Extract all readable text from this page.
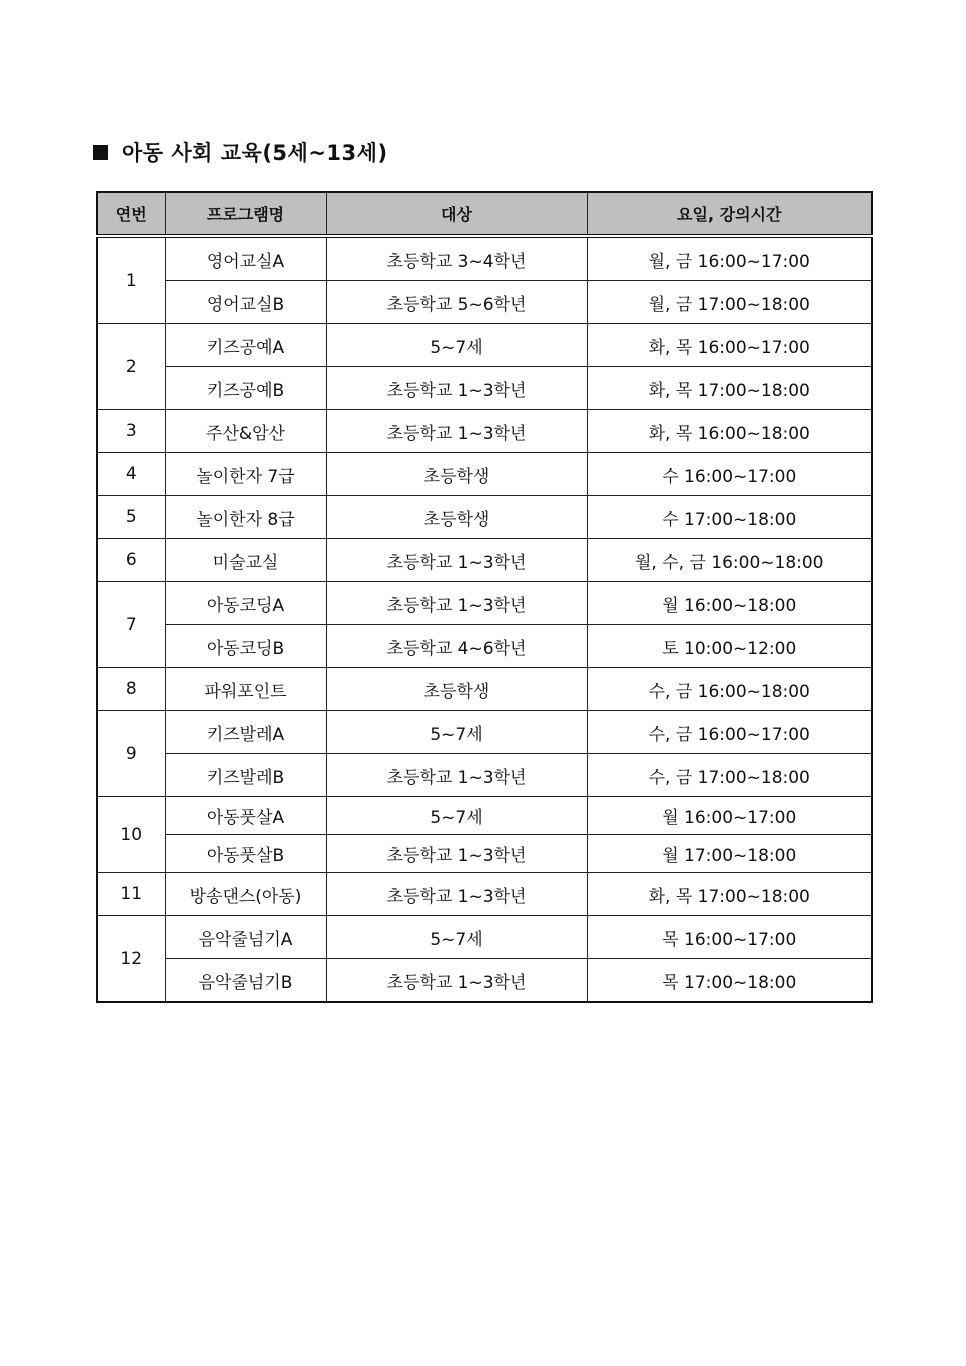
아동 사회 교육(5세~13세)
연번	프로그램명	대상	요일, 강의시간
1	영어교실A	초등학교 3~4학년	월, 금 16:00~17:00
	영어교실B	초등학교 5~6학년	월, 금 17:00~18:00
2	키즈공예A	5~7세	화, 목 16:00~17:00
	키즈공예B	초등학교 1~3학년	화, 목 17:00~18:00
3	주산&암산	초등학교 1~3학년	화, 목 16:00~18:00
4	놀이한자 7급	초등학생	수 16:00~17:00
5	놀이한자 8급	초등학생	수 17:00~18:00
6	미술교실	초등학교 1~3학년	월, 수, 금 16:00~18:00
7	아동코딩A	초등학교 1~3학년	월 16:00~18:00
	아동코딩B	초등학교 4~6학년	토 10:00~12:00
8	파워포인트	초등학생	수, 금 16:00~18:00
9	키즈발레A	5~7세	수, 금 16:00~17:00
	키즈발레B	초등학교 1~3학년	수, 금 17:00~18:00
10	아동풋살A	5~7세	월 16:00~17:00
	아동풋살B	초등학교 1~3학년	월 17:00~18:00
11	방송댄스(아동)	초등학교 1~3학년	화, 목 17:00~18:00
12	음악줄넘기A	5~7세	목 16:00~17:00
	음악줄넘기B	초등학교 1~3학년	목 17:00~18:00
